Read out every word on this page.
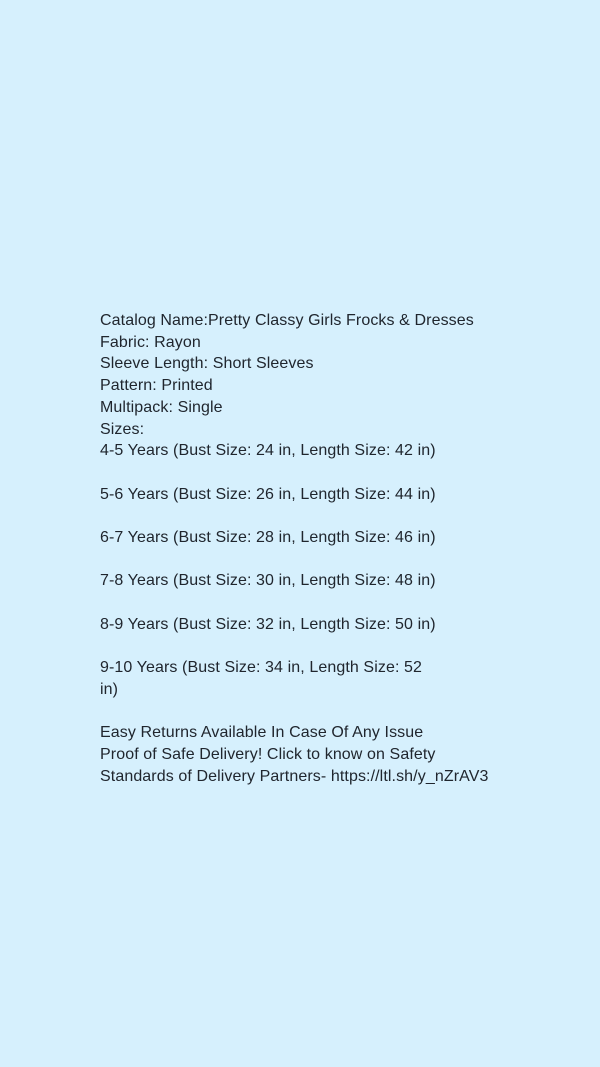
Catalog Name:Pretty Classy Girls Frocks & Dresses
Fabric: Rayon
Sleeve Length: Short Sleeves
Pattern: Printed
Multipack: Single
Sizes:
4-5 Years (Bust Size: 24 in, Length Size: 42 in)
5-6 Years (Bust Size: 26 in, Length Size: 44 in)
6-7 Years (Bust Size: 28 in, Length Size: 46 in)
7-8 Years (Bust Size: 30 in, Length Size: 48 in)
8-9 Years (Bust Size: 32 in, Length Size: 50 in)
9-10 Years (Bust Size: 34 in, Length Size: 52
in)
Easy Returns Available In Case Of Any Issue
Proof of Safe Delivery! Click to know on Safety
Standards of Delivery Partners- https://ltl.sh/y_nZrAV3
